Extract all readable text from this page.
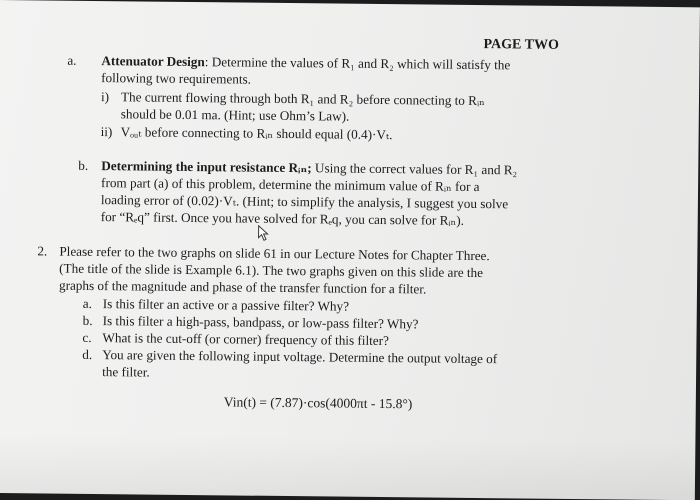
PAGE TWO
a. Attenuator Design: Determine the values of R₁ and R₂ which will satisfy the
following two requirements.
i) The current flowing through both R₁ and R₂ before connecting to Rᵢₙ
should be 0.01 ma. (Hint; use Ohm’s Law).
ii) Vₒᵤₜ before connecting to Rᵢₙ should equal (0.4)·Vₜ.
b. Determining the input resistance Rᵢₙ; Using the correct values for R₁ and R₂
from part (a) of this problem, determine the minimum value of Rᵢₙ for a
loading error of (0.02)·Vₜ. (Hint; to simplify the analysis, I suggest you solve
for “Rₑq” first. Once you have solved for Rₑq, you can solve for Rᵢₙ).
2. Please refer to the two graphs on slide 61 in our Lecture Notes for Chapter Three.
(The title of the slide is Example 6.1). The two graphs given on this slide are the
graphs of the magnitude and phase of the transfer function for a filter.
a. Is this filter an active or a passive filter? Why?
b. Is this filter a high-pass, bandpass, or low-pass filter? Why?
c. What is the cut-off (or corner) frequency of this filter?
d. You are given the following input voltage. Determine the output voltage of
the filter.
Vin(t) = (7.87)·cos(4000πt - 15.8°)
